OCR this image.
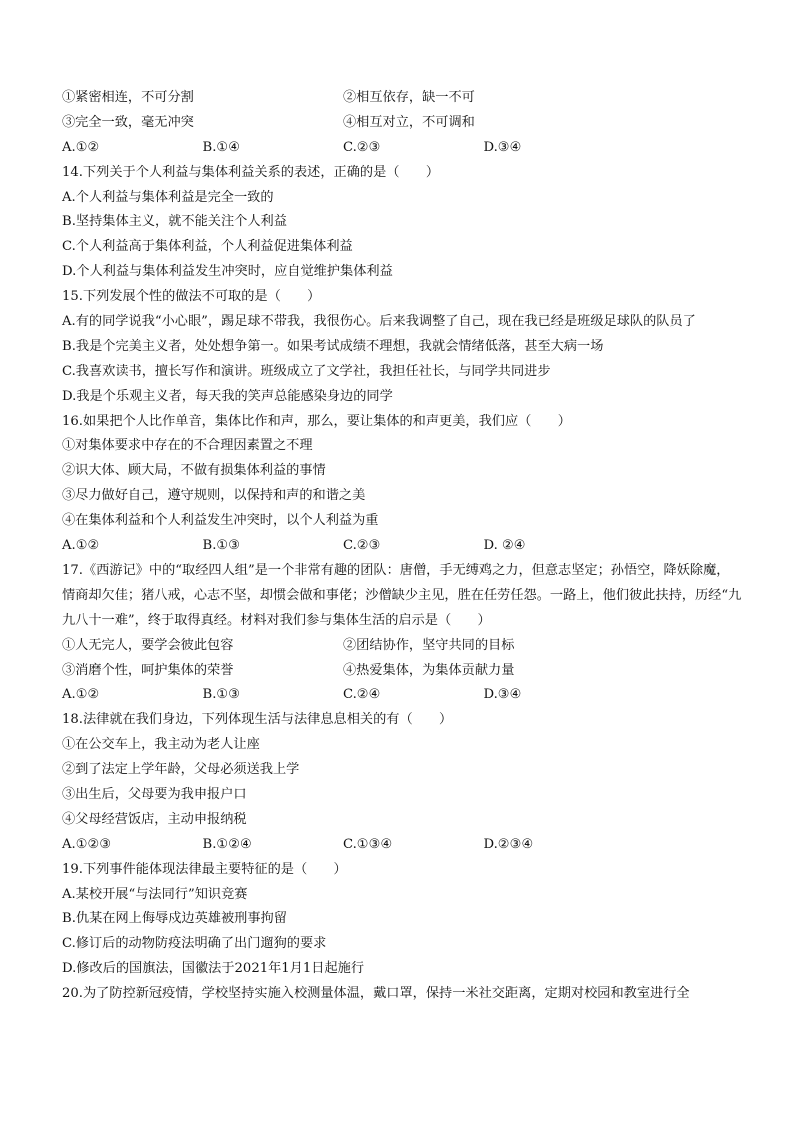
①紧密相连，不可分割	②相互依存，缺一不可
③完全一致，毫无冲突	④相互对立，不可调和
A.①②	B.①④	C.②③	D.③④
14.下列关于个人利益与集体利益关系的表述，正确的是（　　）
A.个人利益与集体利益是完全一致的
B.坚持集体主义，就不能关注个人利益
C.个人利益高于集体利益，个人利益促进集体利益
D.个人利益与集体利益发生冲突时，应自觉维护集体利益
15.下列发展个性的做法不可取的是（　　）
A.有的同学说我“小心眼”，踢足球不带我，我很伤心。后来我调整了自己，现在我已经是班级足球队的队员了
B.我是个完美主义者，处处想争第一。如果考试成绩不理想，我就会情绪低落，甚至大病一场
C.我喜欢读书，擅长写作和演讲。班级成立了文学社，我担任社长，与同学共同进步
D.我是个乐观主义者，每天我的笑声总能感染身边的同学
16.如果把个人比作单音，集体比作和声，那么，要让集体的和声更美，我们应（　　）
①对集体要求中存在的不合理因素置之不理
②识大体、顾大局，不做有损集体利益的事情
③尽力做好自己，遵守规则，以保持和声的和谐之美
④在集体利益和个人利益发生冲突时，以个人利益为重
A.①②	B.①③	C.②③	D. ②④
17.《西游记》中的“取经四人组”是一个非常有趣的团队：唐僧，手无缚鸡之力，但意志坚定；孙悟空，降妖除魔，情商却欠佳；猪八戒，心志不坚，却惯会做和事佬；沙僧缺少主见，胜在任劳任怨。一路上，他们彼此扶持，历经“九九八十一难”，终于取得真经。材料对我们参与集体生活的启示是（　　）
①人无完人，要学会彼此包容	②团结协作，坚守共同的目标
③消磨个性，呵护集体的荣誉	④热爱集体，为集体贡献力量
A.①②	B.①③	C.②④	D.③④
18.法律就在我们身边，下列体现生活与法律息息相关的有（　　）
①在公交车上，我主动为老人让座
②到了法定上学年龄，父母必须送我上学
③出生后，父母要为我申报户口
④父母经营饭店，主动申报纳税
A.①②③	B.①②④	C.①③④	D.②③④
19.下列事件能体现法律最主要特征的是（　　）
A.某校开展“与法同行”知识竞赛
B.仇某在网上侮辱戍边英雄被刑事拘留
C.修订后的动物防疫法明确了出门遛狗的要求
D.修改后的国旗法，国徽法于2021年1月1日起施行
20.为了防控新冠疫情，学校坚持实施入校测量体温，戴口罩，保持一米社交距离，定期对校园和教室进行全
